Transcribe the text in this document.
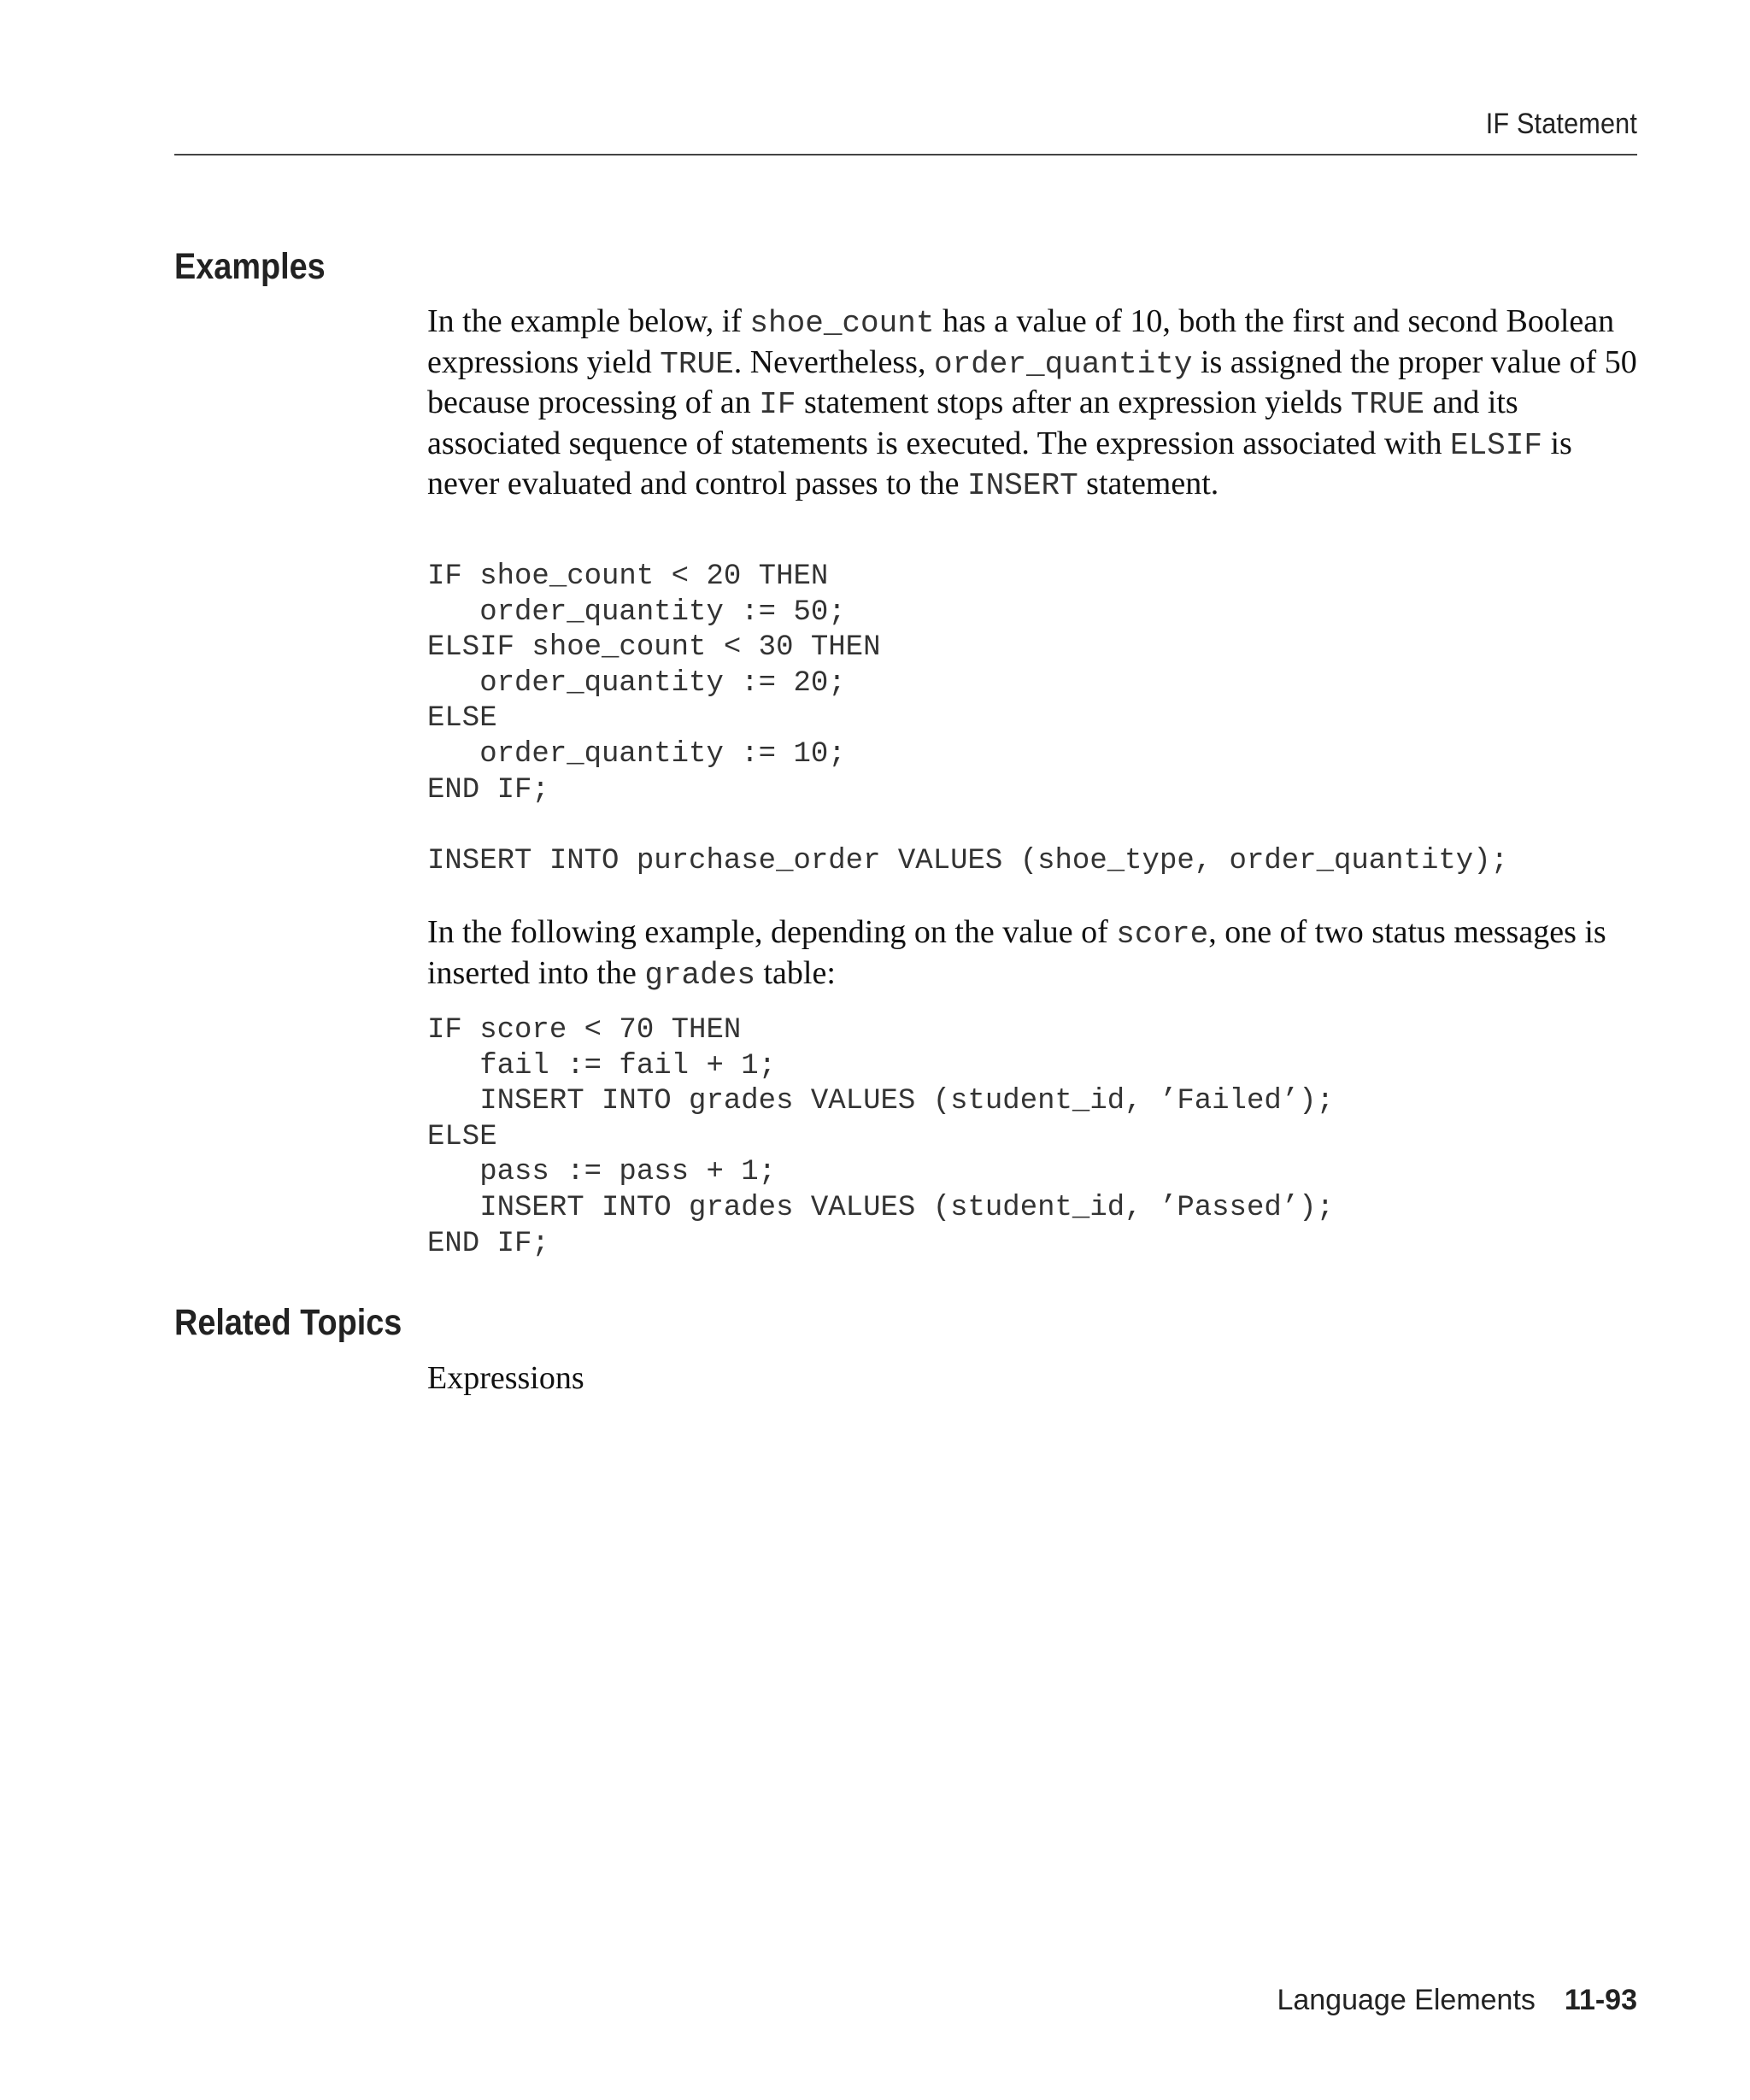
IF Statement
Examples

In the example below, if shoe_count has a value of 10, both the first and second Boolean expressions yield TRUE. Nevertheless, order_quantity is assigned the proper value of 50 because processing of an IF statement stops after an expression yields TRUE and its associated sequence of statements is executed. The expression associated with ELSIF is never evaluated and control passes to the INSERT statement.

IF shoe_count < 20 THEN
order_quantity := 50;
ELSIF shoe_count < 30 THEN
order_quantity := 20;
ELSE
order_quantity := 10;
END IF;

INSERT INTO purchase_order VALUES (shoe_type, order_quantity);

In the following example, depending on the value of score, one of two status messages is inserted into the grades table:

IF score < 70 THEN
fail := fail + 1;
INSERT INTO grades VALUES (student_id, ’Failed’);
ELSE
pass := pass + 1;
INSERT INTO grades VALUES (student_id, ’Passed’);
END IF;
Related Topics
Expressions
Language Elements 11-93
